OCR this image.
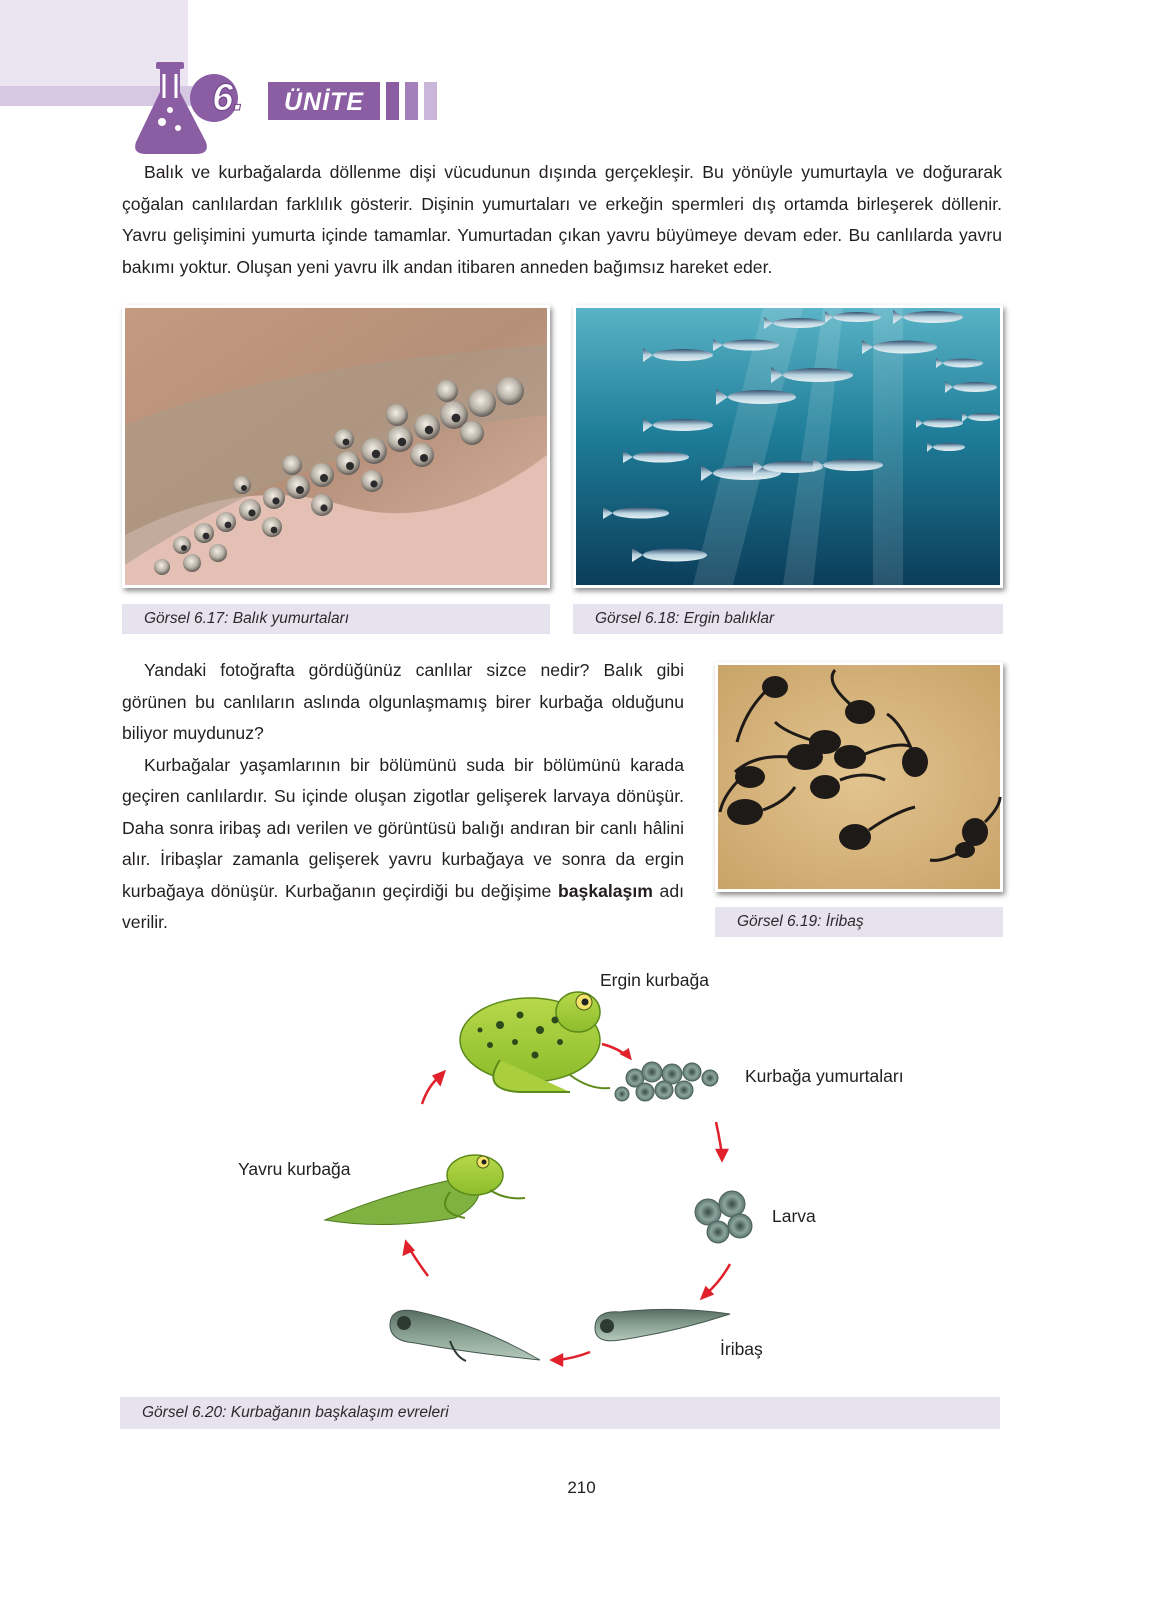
6.	ÜNİTE

Balık ve kurbağalarda döllenme dişi vücudunun dışında gerçekleşir. Bu yönüyle yumurtayla ve doğurarak çoğalan canlılardan farklılık gösterir. Dişinin yumurtaları ve erkeğin spermleri dış ortamda birleşerek döllenir. Yavru gelişimini yumurta içinde tamamlar. Yumurtadan çıkan yavru büyümeye devam eder. Bu canlılarda yavru bakımı yoktur. Oluşan yeni yavru ilk andan itibaren anneden bağımsız hareket eder.

Görsel 6.17: Balık yumurtaları	Görsel 6.18: Ergin balıklar

Yandaki fotoğrafta gördüğünüz canlılar sizce nedir? Balık gibi görünen bu canlıların aslında olgunlaşmamış birer kurbağa olduğunu biliyor muydunuz?

Kurbağalar yaşamlarının bir bölümünü suda bir bölümünü karada geçiren canlılardır. Su içinde oluşan zigotlar gelişerek larvaya dönüşür. Daha sonra iribaş adı verilen ve görüntüsü balığı andıran bir canlı hâlini alır. İribaşlar zamanla gelişerek yavru kurbağaya ve sonra da ergin kurbağaya dönüşür. Kurbağanın geçirdiği bu değişime başkalaşım adı verilir.	Görsel 6.19: İribaş
Ergin kurbağa
Kurbağa yumurtaları
Larva
İribaş
Yavru kurbağa
Görsel 6.20: Kurbağanın başkalaşım evreleri
210
